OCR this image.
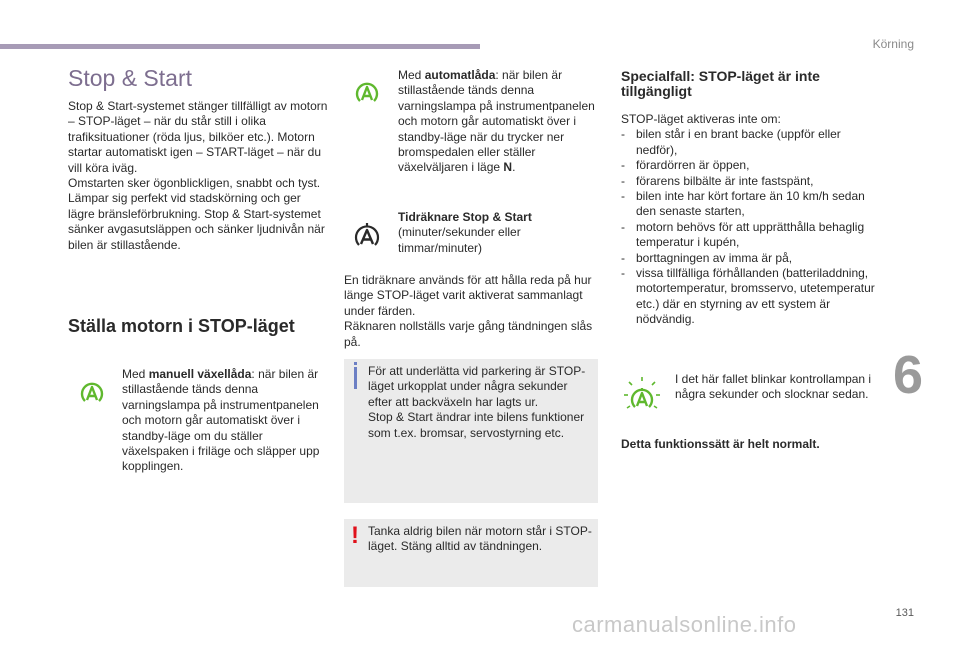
Körning
6
131
carmanualsonline.info
Stop & Start

Stop & Start-systemet stänger tillfälligt av motorn – STOP-läget – när du står still i olika trafiksituationer (röda ljus, bilköer etc.). Motorn startar automatiskt igen – START-läget – när du vill köra iväg.
Omstarten sker ögonblickligen, snabbt och tyst.
Lämpar sig perfekt vid stadskörning och ger lägre bränsleförbrukning. Stop & Start-systemet sänker avgasutsläppen och sänker ljudnivån när bilen är stillastående.

Ställa motorn i STOP-läget

Med manuell växellåda: när bilen är stillastående tänds denna varningslampa på instrumentpanelen och motorn går automatiskt över i standby-läge om du ställer växelspaken i friläge och släpper upp kopplingen.

Med automatlåda: när bilen är stillastående tänds denna varningslampa på instrumentpanelen och motorn går automatiskt över i standby-läge när du trycker ner bromspedalen eller ställer växelväljaren i läge N.

Tidräknare Stop & Start
(minuter/sekunder eller timmar/minuter)

En tidräknare används för att hålla reda på hur länge STOP-läget varit aktiverat sammanlagt under färden.
Räknaren nollställs varje gång tändningen slås på.

För att underlätta vid parkering är STOP-läget urkopplat under några sekunder efter att backväxeln har lagts ur.
Stop & Start ändrar inte bilens funktioner som t.ex. bromsar, servostyrning etc.

! Tanka aldrig bilen när motorn står i STOP-läget. Stäng alltid av tändningen.

Specialfall: STOP-läget är inte tillgängligt
STOP-läget aktiveras inte om:

- bilen står i en brant backe (uppför eller nedför),
- förardörren är öppen,
- förarens bilbälte är inte fastspänt,
- bilen inte har kört fortare än 10 km/h sedan den senaste starten,
- motorn behövs för att upprätthålla behaglig temperatur i kupén,
- borttagningen av imma är på,
- vissa tillfälliga förhållanden (batteriladdning, motortemperatur, bromsservo, utetemperatur etc.) där en styrning av ett system är nödvändig.

I det här fallet blinkar kontrollampan i några sekunder och slocknar sedan.

Detta funktionssätt är helt normalt.
